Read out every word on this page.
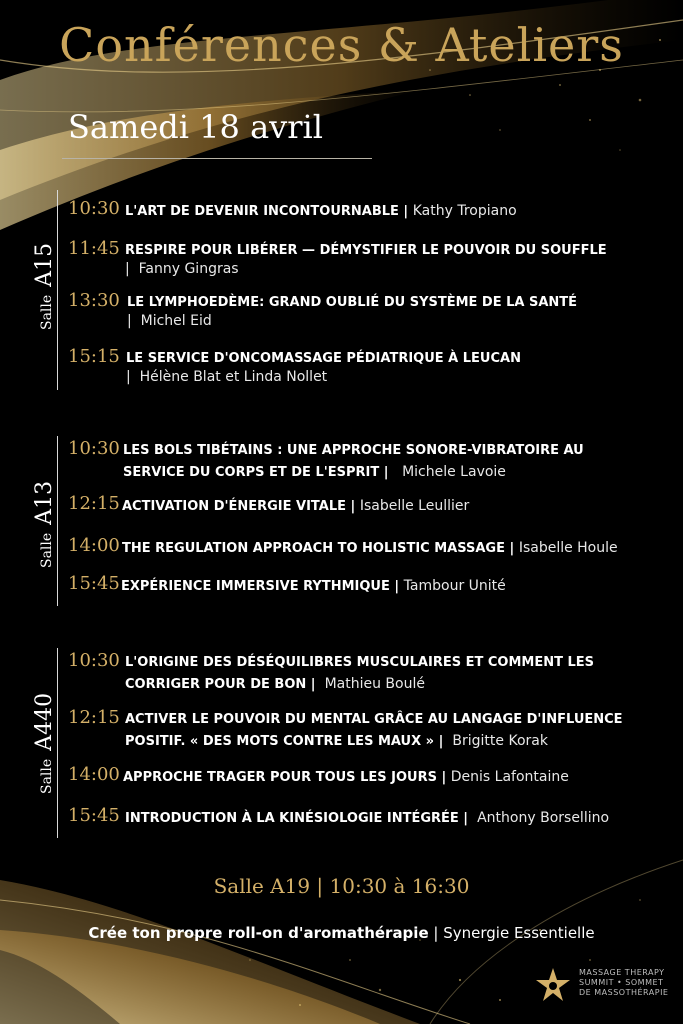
Conférences & Ateliers
Samedi 18 avril
SalleA15
10:30 L'ART DE DEVENIR INCONTOURNABLE | Kathy Tropiano
11:45 RESPIRE POUR LIBÉRER — DÉMYSTIFIER LE POUVOIR DU SOUFFLE
|  Fanny Gingras
13:30 LE LYMPHOEDÈME: GRAND OUBLIÉ DU SYSTÈME DE LA SANTÉ
|  Michel Eid
15:15 LE SERVICE D'ONCOMASSAGE PÉDIATRIQUE À LEUCAN
|  Hélène Blat et Linda Nollet
SalleA13
10:30 LES BOLS TIBÉTAINS : UNE APPROCHE SONORE-VIBRATOIRE AU
SERVICE DU CORPS ET DE L'ESPRIT |   Michele Lavoie
12:15 ACTIVATION D'ÉNERGIE VITALE | Isabelle Leullier
14:00 THE REGULATION APPROACH TO HOLISTIC MASSAGE | Isabelle Houle
15:45 EXPÉRIENCE IMMERSIVE RYTHMIQUE | Tambour Unité
SalleA440
10:30 L'ORIGINE DES DÉSÉQUILIBRES MUSCULAIRES ET COMMENT LES
CORRIGER POUR DE BON |  Mathieu Boulé
12:15 ACTIVER LE POUVOIR DU MENTAL GRÂCE AU LANGAGE D'INFLUENCE
POSITIF. « DES MOTS CONTRE LES MAUX » |  Brigitte Korak
14:00 APPROCHE TRAGER POUR TOUS LES JOURS | Denis Lafontaine
15:45 INTRODUCTION À LA KINÉSIOLOGIE INTÉGRÉE |  Anthony Borsellino
Salle A19 | 10:30 à 16:30
Crée ton propre roll-on d'aromathérapie | Synergie Essentielle
MASSAGE THERAPY
SUMMIT • SOMMET
DE MASSOTHÉRAPIE
